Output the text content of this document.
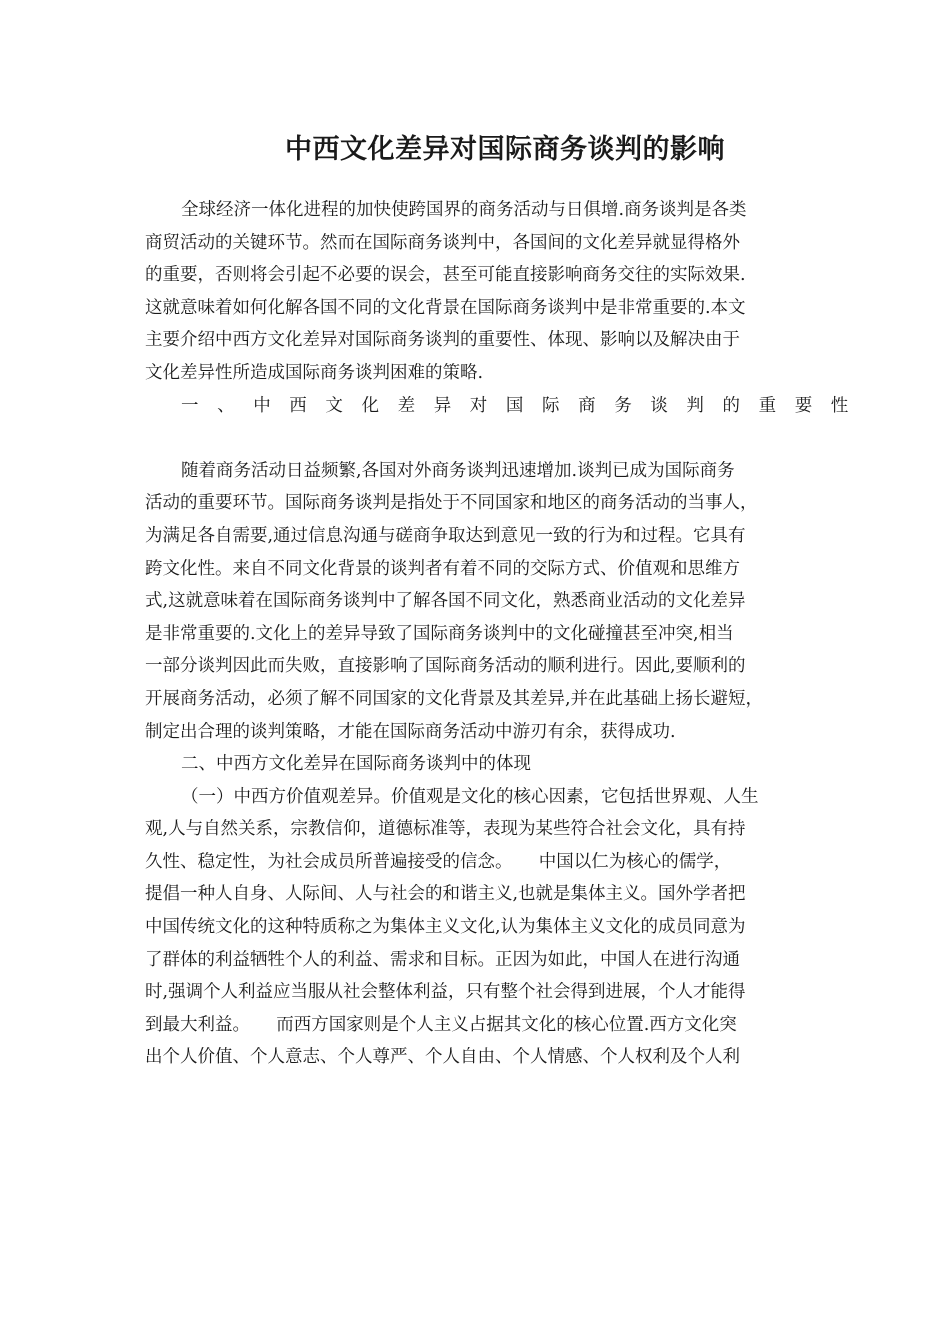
中西文化差异对国际商务谈判的影响
全球经济一体化进程的加快使跨国界的商务活动与日俱增.商务谈判是各类
商贸活动的关键环节。然而在国际商务谈判中，各国间的文化差异就显得格外
的重要，否则将会引起不必要的误会，甚至可能直接影响商务交往的实际效果.
这就意味着如何化解各国不同的文化背景在国际商务谈判中是非常重要的.本文
主要介绍中西方文化差异对国际商务谈判的重要性、体现、影响以及解决由于
文化差异性所造成国际商务谈判困难的策略.
一、中西文化差异对国际商务谈判的重要性
随着商务活动日益频繁,各国对外商务谈判迅速增加.谈判已成为国际商务
活动的重要环节。国际商务谈判是指处于不同国家和地区的商务活动的当事人，
为满足各自需要,通过信息沟通与磋商争取达到意见一致的行为和过程。它具有
跨文化性。来自不同文化背景的谈判者有着不同的交际方式、价值观和思维方
式,这就意味着在国际商务谈判中了解各国不同文化，熟悉商业活动的文化差异
是非常重要的.文化上的差异导致了国际商务谈判中的文化碰撞甚至冲突,相当
一部分谈判因此而失败，直接影响了国际商务活动的顺利进行。因此,要顺利的
开展商务活动，必须了解不同国家的文化背景及其差异,并在此基础上扬长避短，
制定出合理的谈判策略，才能在国际商务活动中游刃有余，获得成功.
二、中西方文化差异在国际商务谈判中的体现
（一）中西方价值观差异。价值观是文化的核心因素，它包括世界观、人生
观,人与自然关系，宗教信仰，道德标准等，表现为某些符合社会文化，具有持
久性、稳定性，为社会成员所普遍接受的信念。　　中国以仁为核心的儒学，
提倡一种人自身、人际间、人与社会的和谐主义,也就是集体主义。国外学者把
中国传统文化的这种特质称之为集体主义文化,认为集体主义文化的成员同意为
了群体的利益牺牲个人的利益、需求和目标。正因为如此，中国人在进行沟通
时,强调个人利益应当服从社会整体利益，只有整个社会得到进展，个人才能得
到最大利益。　　而西方国家则是个人主义占据其文化的核心位置.西方文化突
出个人价值、个人意志、个人尊严、个人自由、个人情感、个人权利及个人利
